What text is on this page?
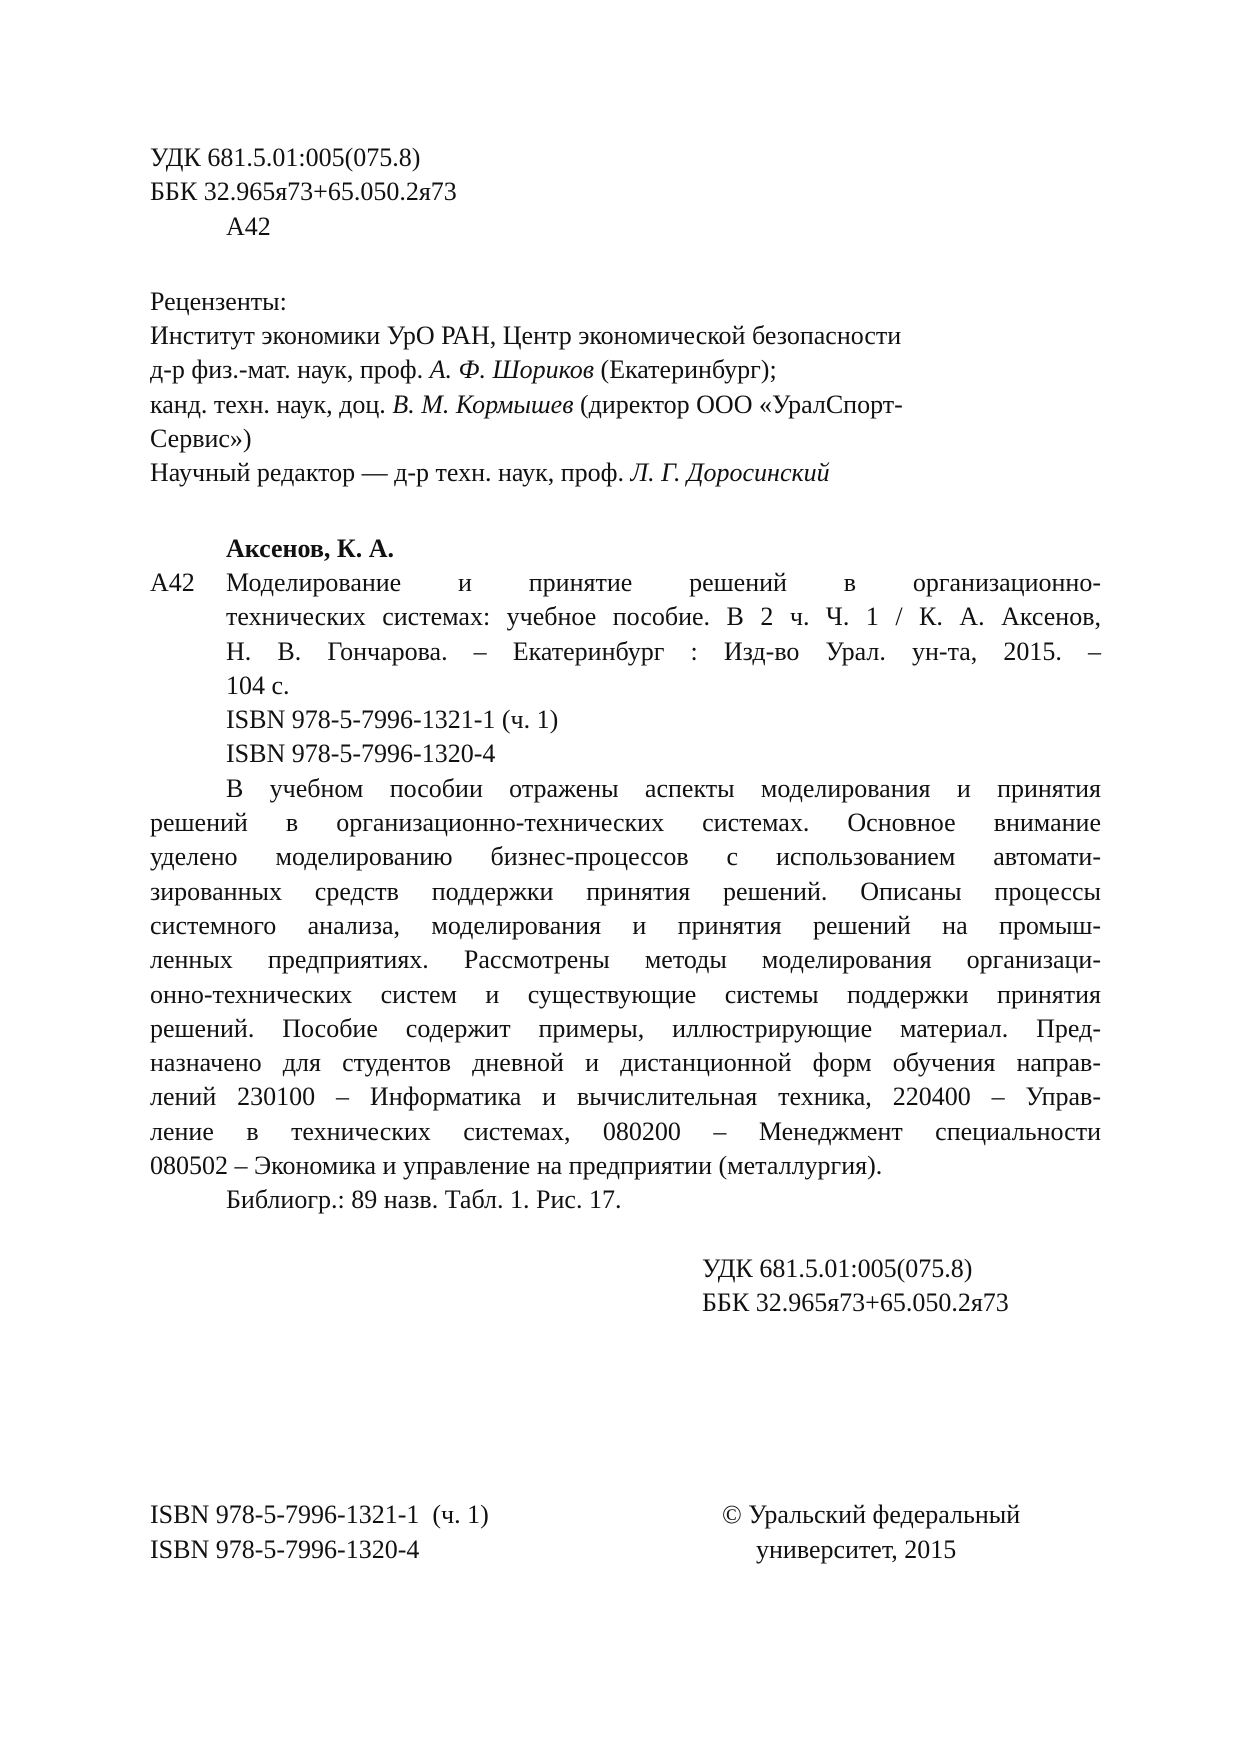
УДК 681.5.01:005(075.8)
ББК 32.965я73+65.050.2я73
А42
Рецензенты:
Институт экономики УрО РАН, Центр экономической безопасности
д-р физ.-мат. наук, проф. А. Ф. Шориков (Екатеринбург);
канд. техн. наук, доц. В. М. Кормышев (директор ООО «УралСпорт-
Сервис»)
Научный редактор — д-р техн. наук, проф. Л. Г. Доросинский
Аксенов, К. А.
А42	Моделирование и принятие решений в организационно-
технических системах: учебное пособие. В 2 ч. Ч. 1 / К. А. Аксенов,
Н. В. Гончарова. – Екатеринбург : Изд-во Урал. ун-та, 2015. –
104 с.
ISBN 978-5-7996-1321-1 (ч. 1)
ISBN 978-5-7996-1320-4
В учебном пособии отражены аспекты моделирования и принятия
решений в организационно-технических системах. Основное внимание
уделено моделированию бизнес-процессов с использованием автомати-
зированных средств поддержки принятия решений. Описаны процессы
системного анализа, моделирования и принятия решений на промыш-
ленных предприятиях. Рассмотрены методы моделирования организаци-
онно-технических систем и существующие системы поддержки принятия
решений. Пособие содержит примеры, иллюстрирующие материал. Пред-
назначено для студентов дневной и дистанционной форм обучения направ-
лений 230100 – Информатика и вычислительная техника, 220400 – Управ-
ление в технических системах, 080200 – Менеджмент специальности
080502 – Экономика и управление на предприятии (металлургия).
Библиогр.: 89 назв. Табл. 1. Рис. 17.
УДК 681.5.01:005(075.8)
ББК 32.965я73+65.050.2я73
ISBN 978-5-7996-1321-1  (ч. 1)
ISBN 978-5-7996-1320-4
© Уральский федеральный
университет, 2015
